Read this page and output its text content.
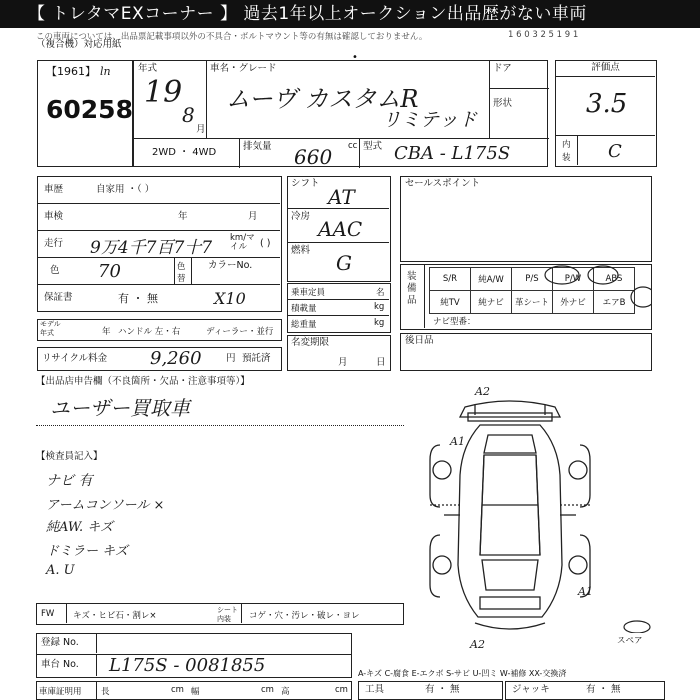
【 トレタマEXコーナー 】 過去1年以上オークション出品歴がない車両
この車両については、出品票記載事項以外の不具合・ボルトマウント等の有無は確認しておりません。
（複合機）対応用紙
1 6 0 3 2 5 1 9 1
【1961】 ln
60258
年式
19
8
月
車名・グレード
ムーヴ カスタムR
リミテッド
ドア
形状
2WD ・ 4WD
排気量	cc
660	型式 CBA - L175S
評価点
3.5
内
装 C
車歴	自家用 ・（ ）
車検	年	月
走行 9万4千7百7十7 km/マイル	( )
色 70	色
替
カラーNo.
保証書	有 ・ 無	X10
モデル
年式	年 ハンドル 左・右	ディーラー・並行
リサイクル料金 9,260	円 預託済
シフト
AT
冷房
AAC
燃料
G
乗車定員	名
積載量	kg
総重量	kg
名変期限
月	日
セールスポイント
装備品
S/R	純A/W	P/S	P/W	ABS
純TV	純ナビ	革シート	外ナビ	エアB
ナビ型番：
後日品
【出品店申告欄（不良箇所・欠品・注意事項等）】
ユーザー買取車
【検査員記入】
ナビ 有
アームコンソール ×
純AW. キズ
ドミラー キズ
A. U
A2
A1
A1
A2	スペア
FW キズ・ヒビ石・割レ×
シート
内装 コゲ・穴・汚レ・破レ・ヨレ
登録 No.
車台 No. L175S - 0081855	A-キズ C-腐食 E-エクボ S-サビ U-凹ミ W-補修 XX-交換済
車庫証明用 長	cm 幅	cm 高	cm 工具	有 ・ 無	ジャッキ	有 ・ 無
•
